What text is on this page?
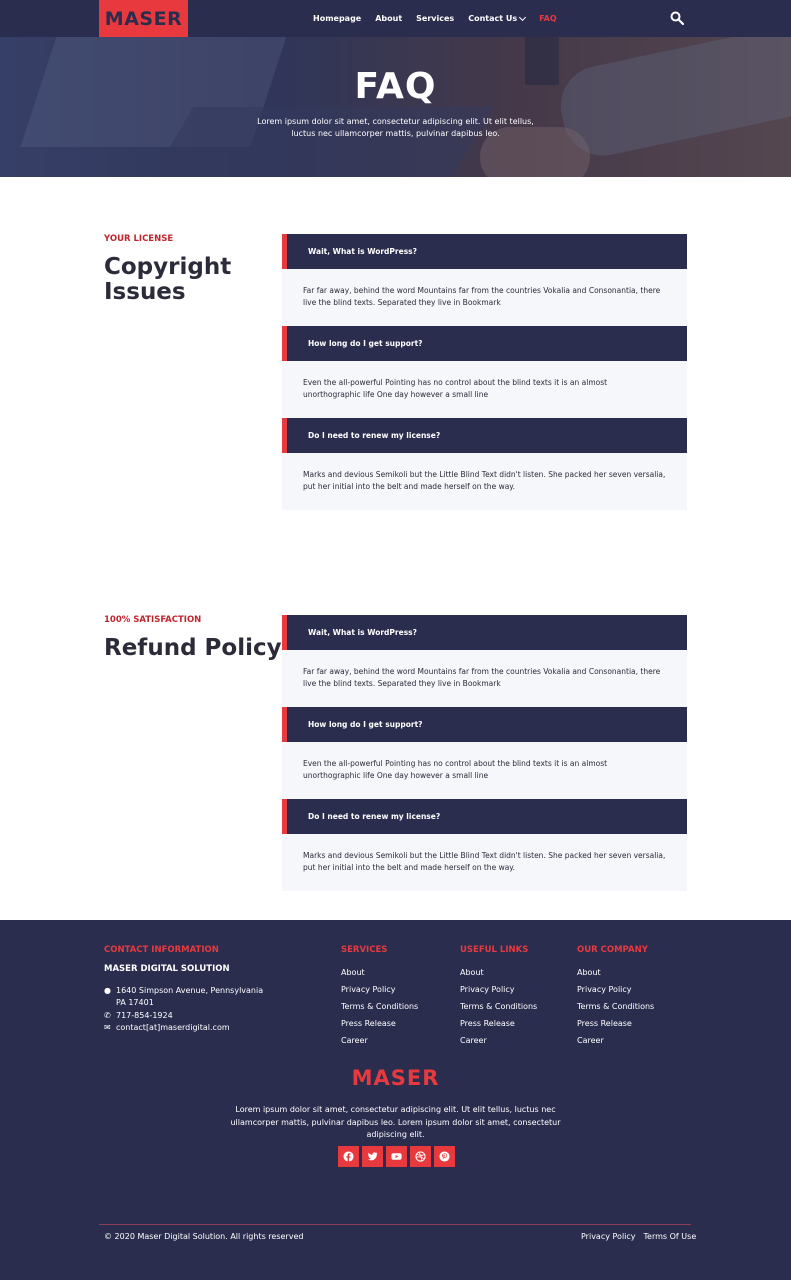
MASER	Homepage About Services Contact Us	FAQ
FAQ

Lorem ipsum dolor sit amet, consectetur adipiscing elit. Ut elit tellus, luctus nec ullamcorper mattis, pulvinar dapibus leo.

YOUR LICENSE
Copyright Issues
Wait, What is WordPress?
Far far away, behind the word Mountains far from the countries Vokalia and Consonantia, there live the blind texts. Separated they live in Bookmark
How long do I get support?
Even the all-powerful Pointing has no control about the blind texts it is an almost unorthographic life One day however a small line
Do I need to renew my license?
Marks and devious Semikoli but the Little Blind Text didn't listen. She packed her seven versalia, put her initial into the belt and made herself on the way.
100% SATISFACTION
Refund Policy
Wait, What is WordPress?
Far far away, behind the word Mountains far from the countries Vokalia and Consonantia, there live the blind texts. Separated they live in Bookmark
How long do I get support?
Even the all-powerful Pointing has no control about the blind texts it is an almost unorthographic life One day however a small line
Do I need to renew my license?
Marks and devious Semikoli but the Little Blind Text didn't listen. She packed her seven versalia, put her initial into the belt and made herself on the way.
CONTACT INFORMATION
MASER DIGITAL SOLUTION
● 1640 Simpson Avenue, Pennsylvania PA 17401
✆ 717-854-1924
✉ contact[at]maserdigital.com
SERVICES
About
Privacy Policy
Terms & Conditions
Press Release
Career
USEFUL LINKS
About
Privacy Policy
Terms & Conditions
Press Release
Career
OUR COMPANY
About
Privacy Policy
Terms & Conditions
Press Release
Career
MASER
Lorem ipsum dolor sit amet, consectetur adipiscing elit. Ut elit tellus, luctus nec ullamcorper mattis, pulvinar dapibus leo. Lorem ipsum dolor sit amet, consectetur adipiscing elit.
© 2020 Maser Digital Solution. All rights reserved	Privacy Policy Terms Of Use
